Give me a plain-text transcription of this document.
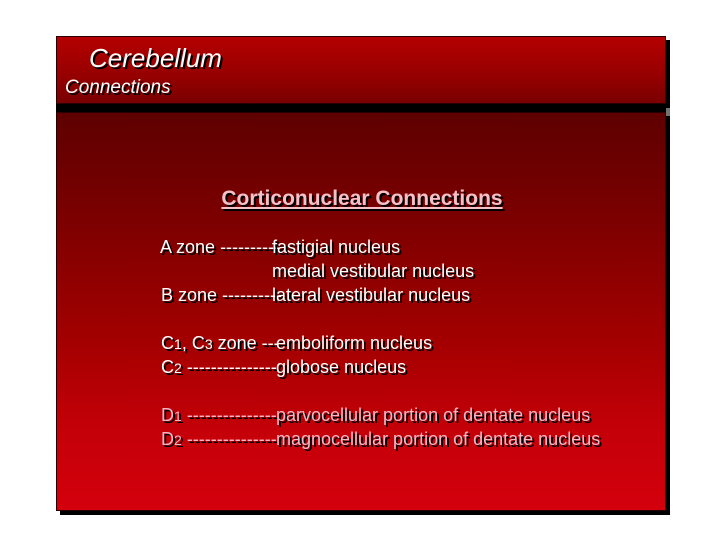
Cerebellum

Connections

Corticonuclear Connections

A zone ----------
fastigial nucleus

medial vestibular nucleus

B zone ----------
lateral vestibular nucleus

C1, C3 zone ---
emboliform nucleus

C2 --------------- globose nucleus

D1 --------------- parvocellular portion of dentate nucleus

D2 --------------- magnocellular portion of dentate nucleus
